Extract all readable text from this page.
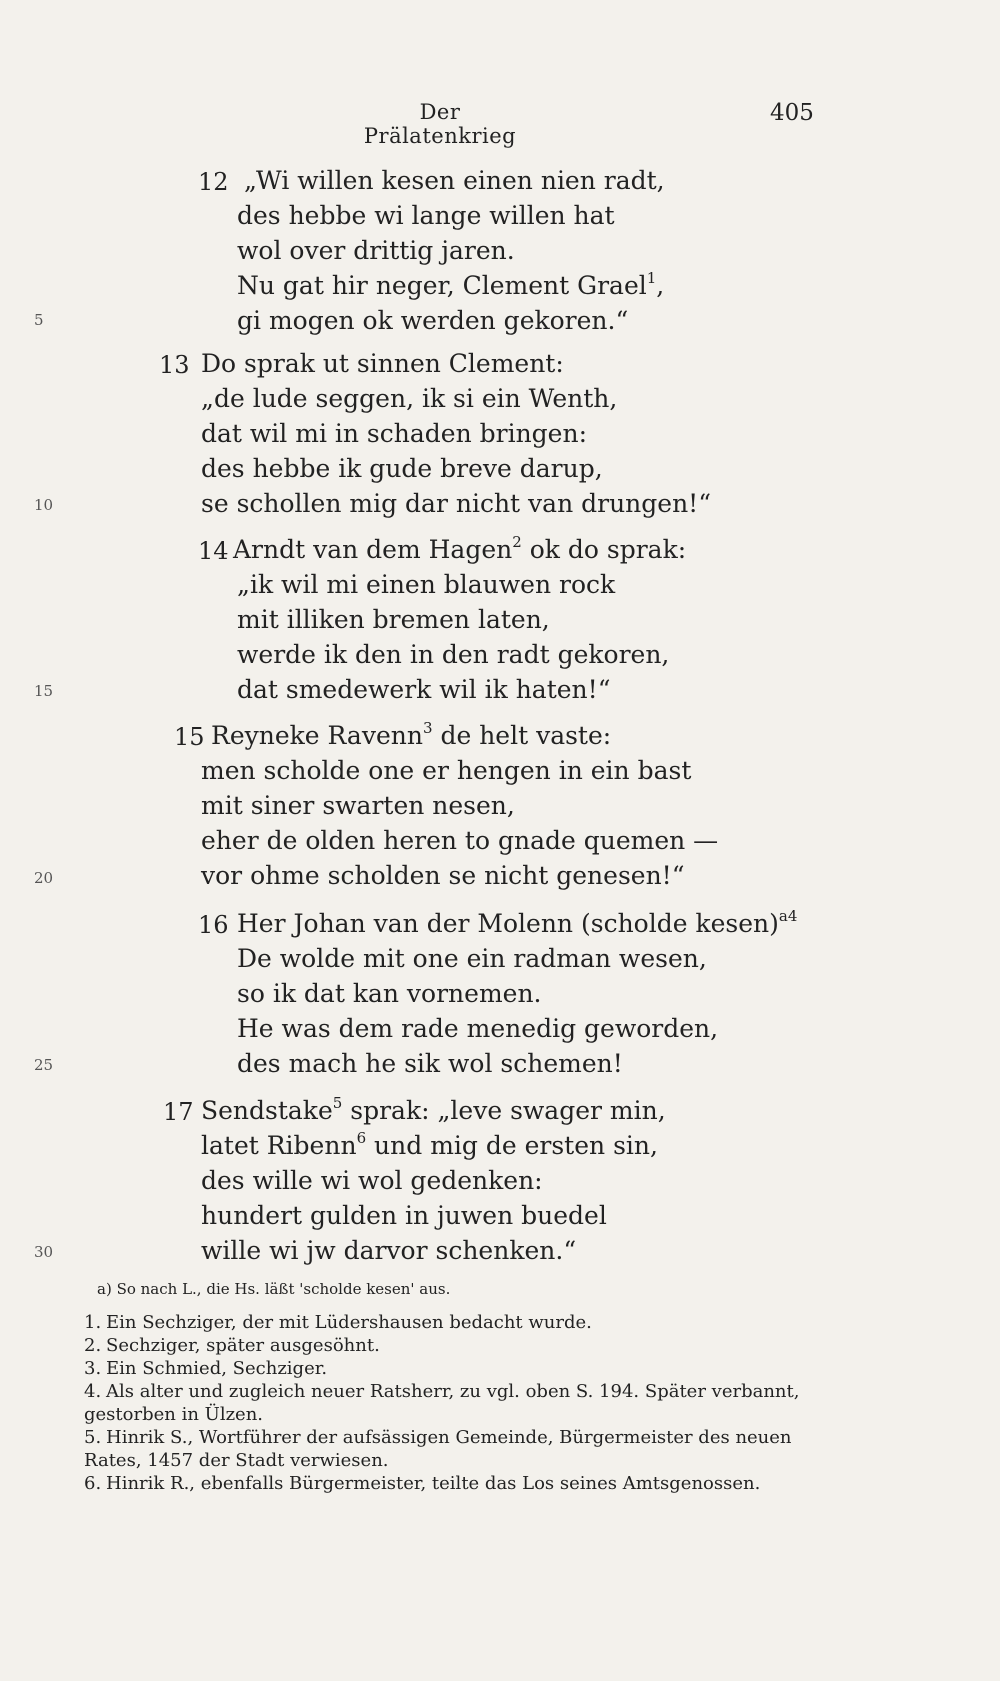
Der Prälatenkrieg
405
12 „Wi willen kesen einen nien radt,
des hebbe wi lange willen hat
wol over drittig jaren.
Nu gat hir neger, Clement Grael$^1$,
5	gi mogen ok werden gekoren.“
13 Do sprak ut sinnen Clement:
„de lude seggen, ik si ein Wenth,
dat wil mi in schaden bringen:
des hebbe ik gude breve darup,
10	se schollen mig dar nicht van drungen!“
14 Arndt van dem Hagen$^2$ ok do sprak:
„ik wil mi einen blauwen rock
mit illiken bremen laten,
werde ik den in den radt gekoren,
15	dat smedewerk wil ik haten!“
15 Reyneke Ravenn$^3$ de helt vaste:
men scholde one er hengen in ein bast
mit siner swarten nesen,
eher de olden heren to gnade quemen —
20	vor ohme scholden se nicht genesen!“
16 Her Johan van der Molenn (scholde kesen)$^{a4}$
De wolde mit one ein radman wesen,
so ik dat kan vornemen.
He was dem rade menedig geworden,
25	des mach he sik wol schemen!
17 Sendstake$^5$ sprak: „leve swager min,
latet Ribenn$^6$ und mig de ersten sin,
des wille wi wol gedenken:
hundert gulden in juwen buedel
30	wille wi jw darvor schenken.“
a) So nach L., die Hs. läßt 'scholde kesen' aus.
1. Ein Sechziger, der mit Lüdershausen bedacht wurde.
2. Sechziger, später ausgesöhnt.
3. Ein Schmied, Sechziger.
4. Als alter und zugleich neuer Ratsherr, zu vgl. oben S. 194. Später verbannt, gestorben in Ülzen.
5. Hinrik S., Wortführer der aufsässigen Gemeinde, Bürgermeister des neuen Rates, 1457 der Stadt verwiesen.
6. Hinrik R., ebenfalls Bürgermeister, teilte das Los seines Amtsgenossen.
